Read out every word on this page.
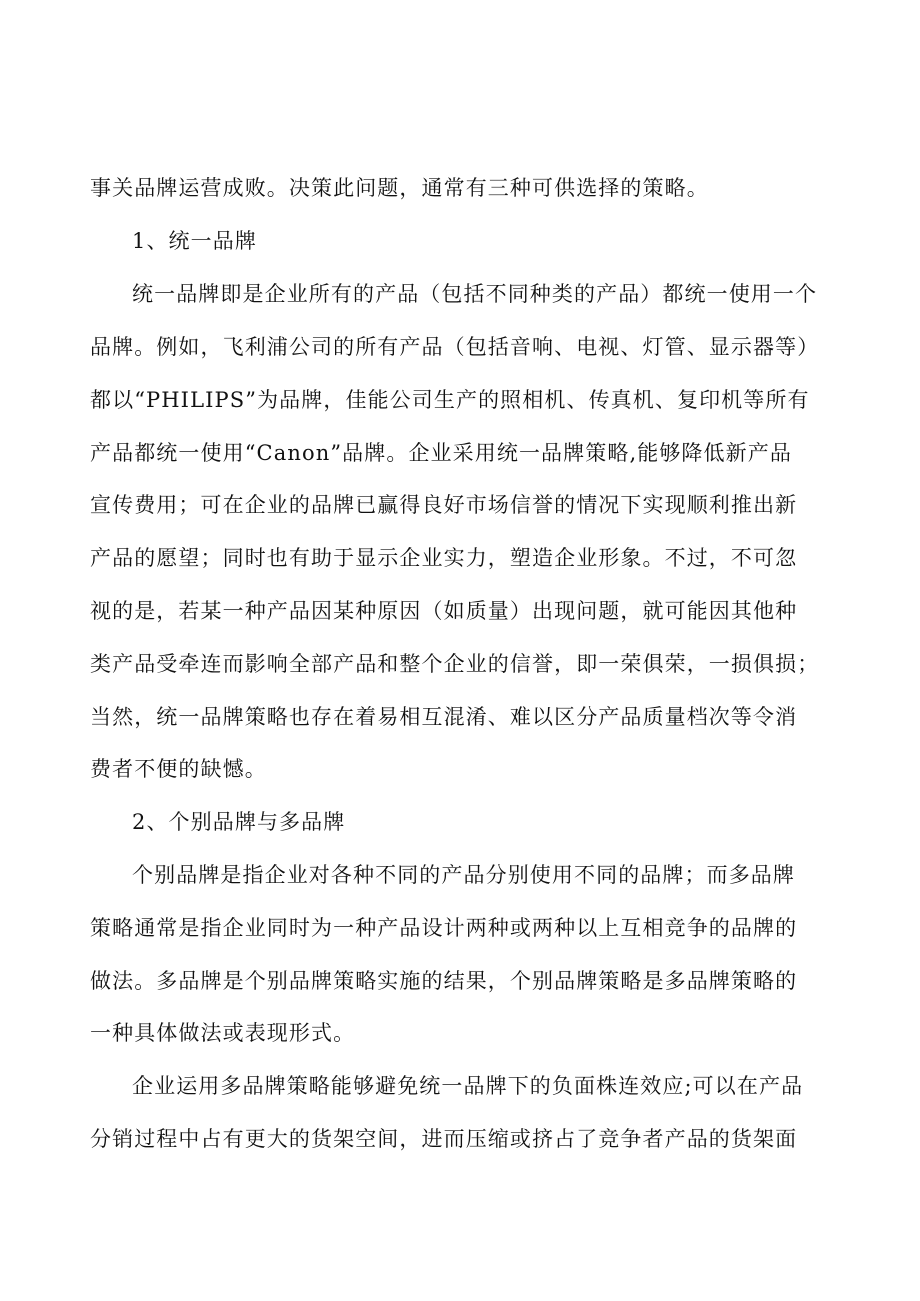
事关品牌运营成败。决策此问题，通常有三种可供选择的策略。
1、统一品牌
统一品牌即是企业所有的产品（包括不同种类的产品）都统一使用一个
品牌。例如，飞利浦公司的所有产品（包括音响、电视、灯管、显示器等）
都以“PHILIPS”为品牌，佳能公司生产的照相机、传真机、复印机等所有
产品都统一使用“Canon”品牌。企业采用统一品牌策略,能够降低新产品
宣传费用；可在企业的品牌已赢得良好市场信誉的情况下实现顺利推出新
产品的愿望；同时也有助于显示企业实力，塑造企业形象。不过，不可忽
视的是，若某一种产品因某种原因（如质量）出现问题，就可能因其他种
类产品受牵连而影响全部产品和整个企业的信誉，即一荣俱荣，一损俱损；
当然，统一品牌策略也存在着易相互混淆、难以区分产品质量档次等令消
费者不便的缺憾。
2、个别品牌与多品牌
个别品牌是指企业对各种不同的产品分别使用不同的品牌；而多品牌
策略通常是指企业同时为一种产品设计两种或两种以上互相竞争的品牌的
做法。多品牌是个别品牌策略实施的结果，个别品牌策略是多品牌策略的
一种具体做法或表现形式。
企业运用多品牌策略能够避免统一品牌下的负面株连效应;可以在产品
分销过程中占有更大的货架空间，进而压缩或挤占了竞争者产品的货架面
